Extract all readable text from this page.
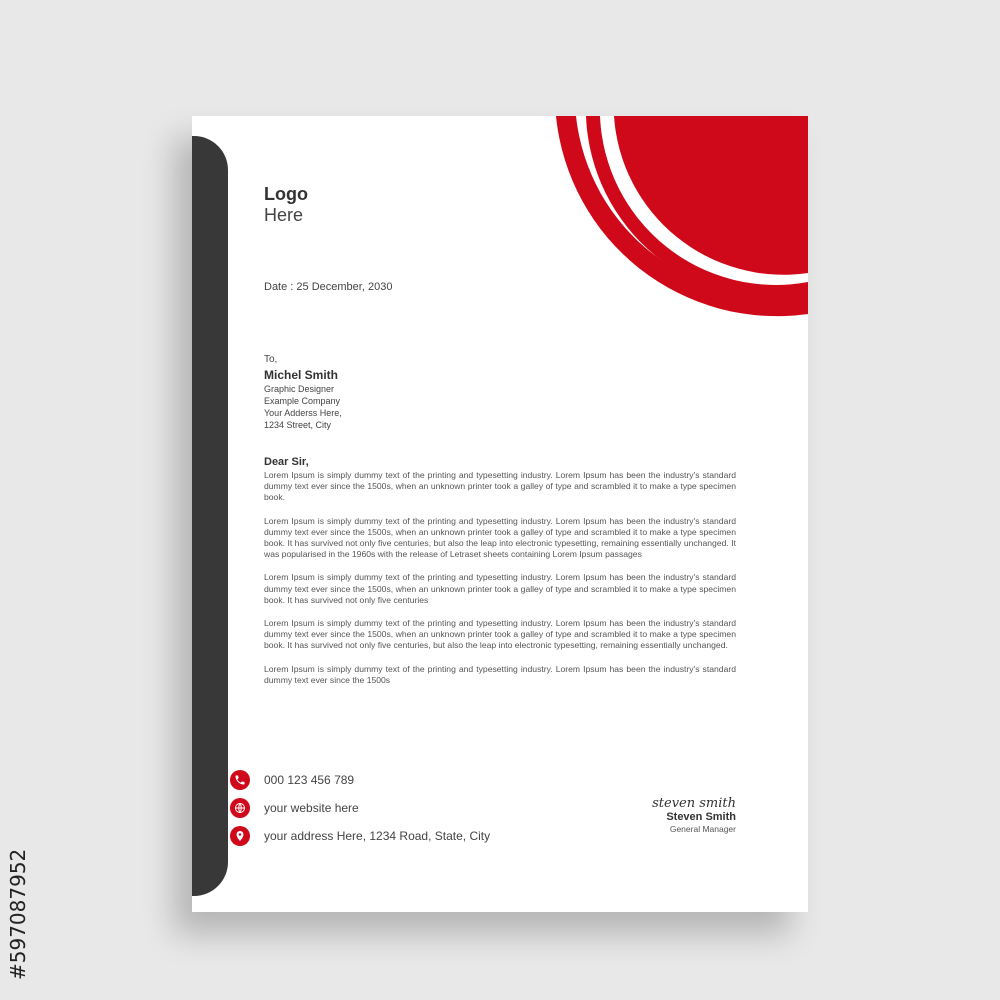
#597087952
Logo
Here
Date : 25 December, 2030
To,
Michel Smith
Graphic Designer
Example Company
Your Adderss Here,
1234 Street, City
Dear Sir,

Lorem Ipsum is simply dummy text of the printing and typesetting industry. Lorem Ipsum has been the industry's standard dummy text ever since the 1500s, when an unknown printer took a galley of type and scrambled it to make a type specimen book.

Lorem Ipsum is simply dummy text of the printing and typesetting industry. Lorem Ipsum has been the industry's standard dummy text ever since the 1500s, when an unknown printer took a galley of type and scrambled it to make a type specimen book. It has survived not only five centuries, but also the leap into electronic typesetting, remaining essentially unchanged. It was popularised in the 1960s with the release of Letraset sheets containing Lorem Ipsum passages

Lorem Ipsum is simply dummy text of the printing and typesetting industry. Lorem Ipsum has been the industry's standard dummy text ever since the 1500s, when an unknown printer took a galley of type and scrambled it to make a type specimen book. It has survived not only five centuries

Lorem Ipsum is simply dummy text of the printing and typesetting industry. Lorem Ipsum has been the industry's standard dummy text ever since the 1500s, when an unknown printer took a galley of type and scrambled it to make a type specimen book. It has survived not only five centuries, but also the leap into electronic typesetting, remaining essentially unchanged.

Lorem Ipsum is simply dummy text of the printing and typesetting industry. Lorem Ipsum has been the industry's standard dummy text ever since the 1500s

000 123 456 789
your website here
your address Here, 1234 Road, State, City
steven smith
Steven Smith
General Manager
